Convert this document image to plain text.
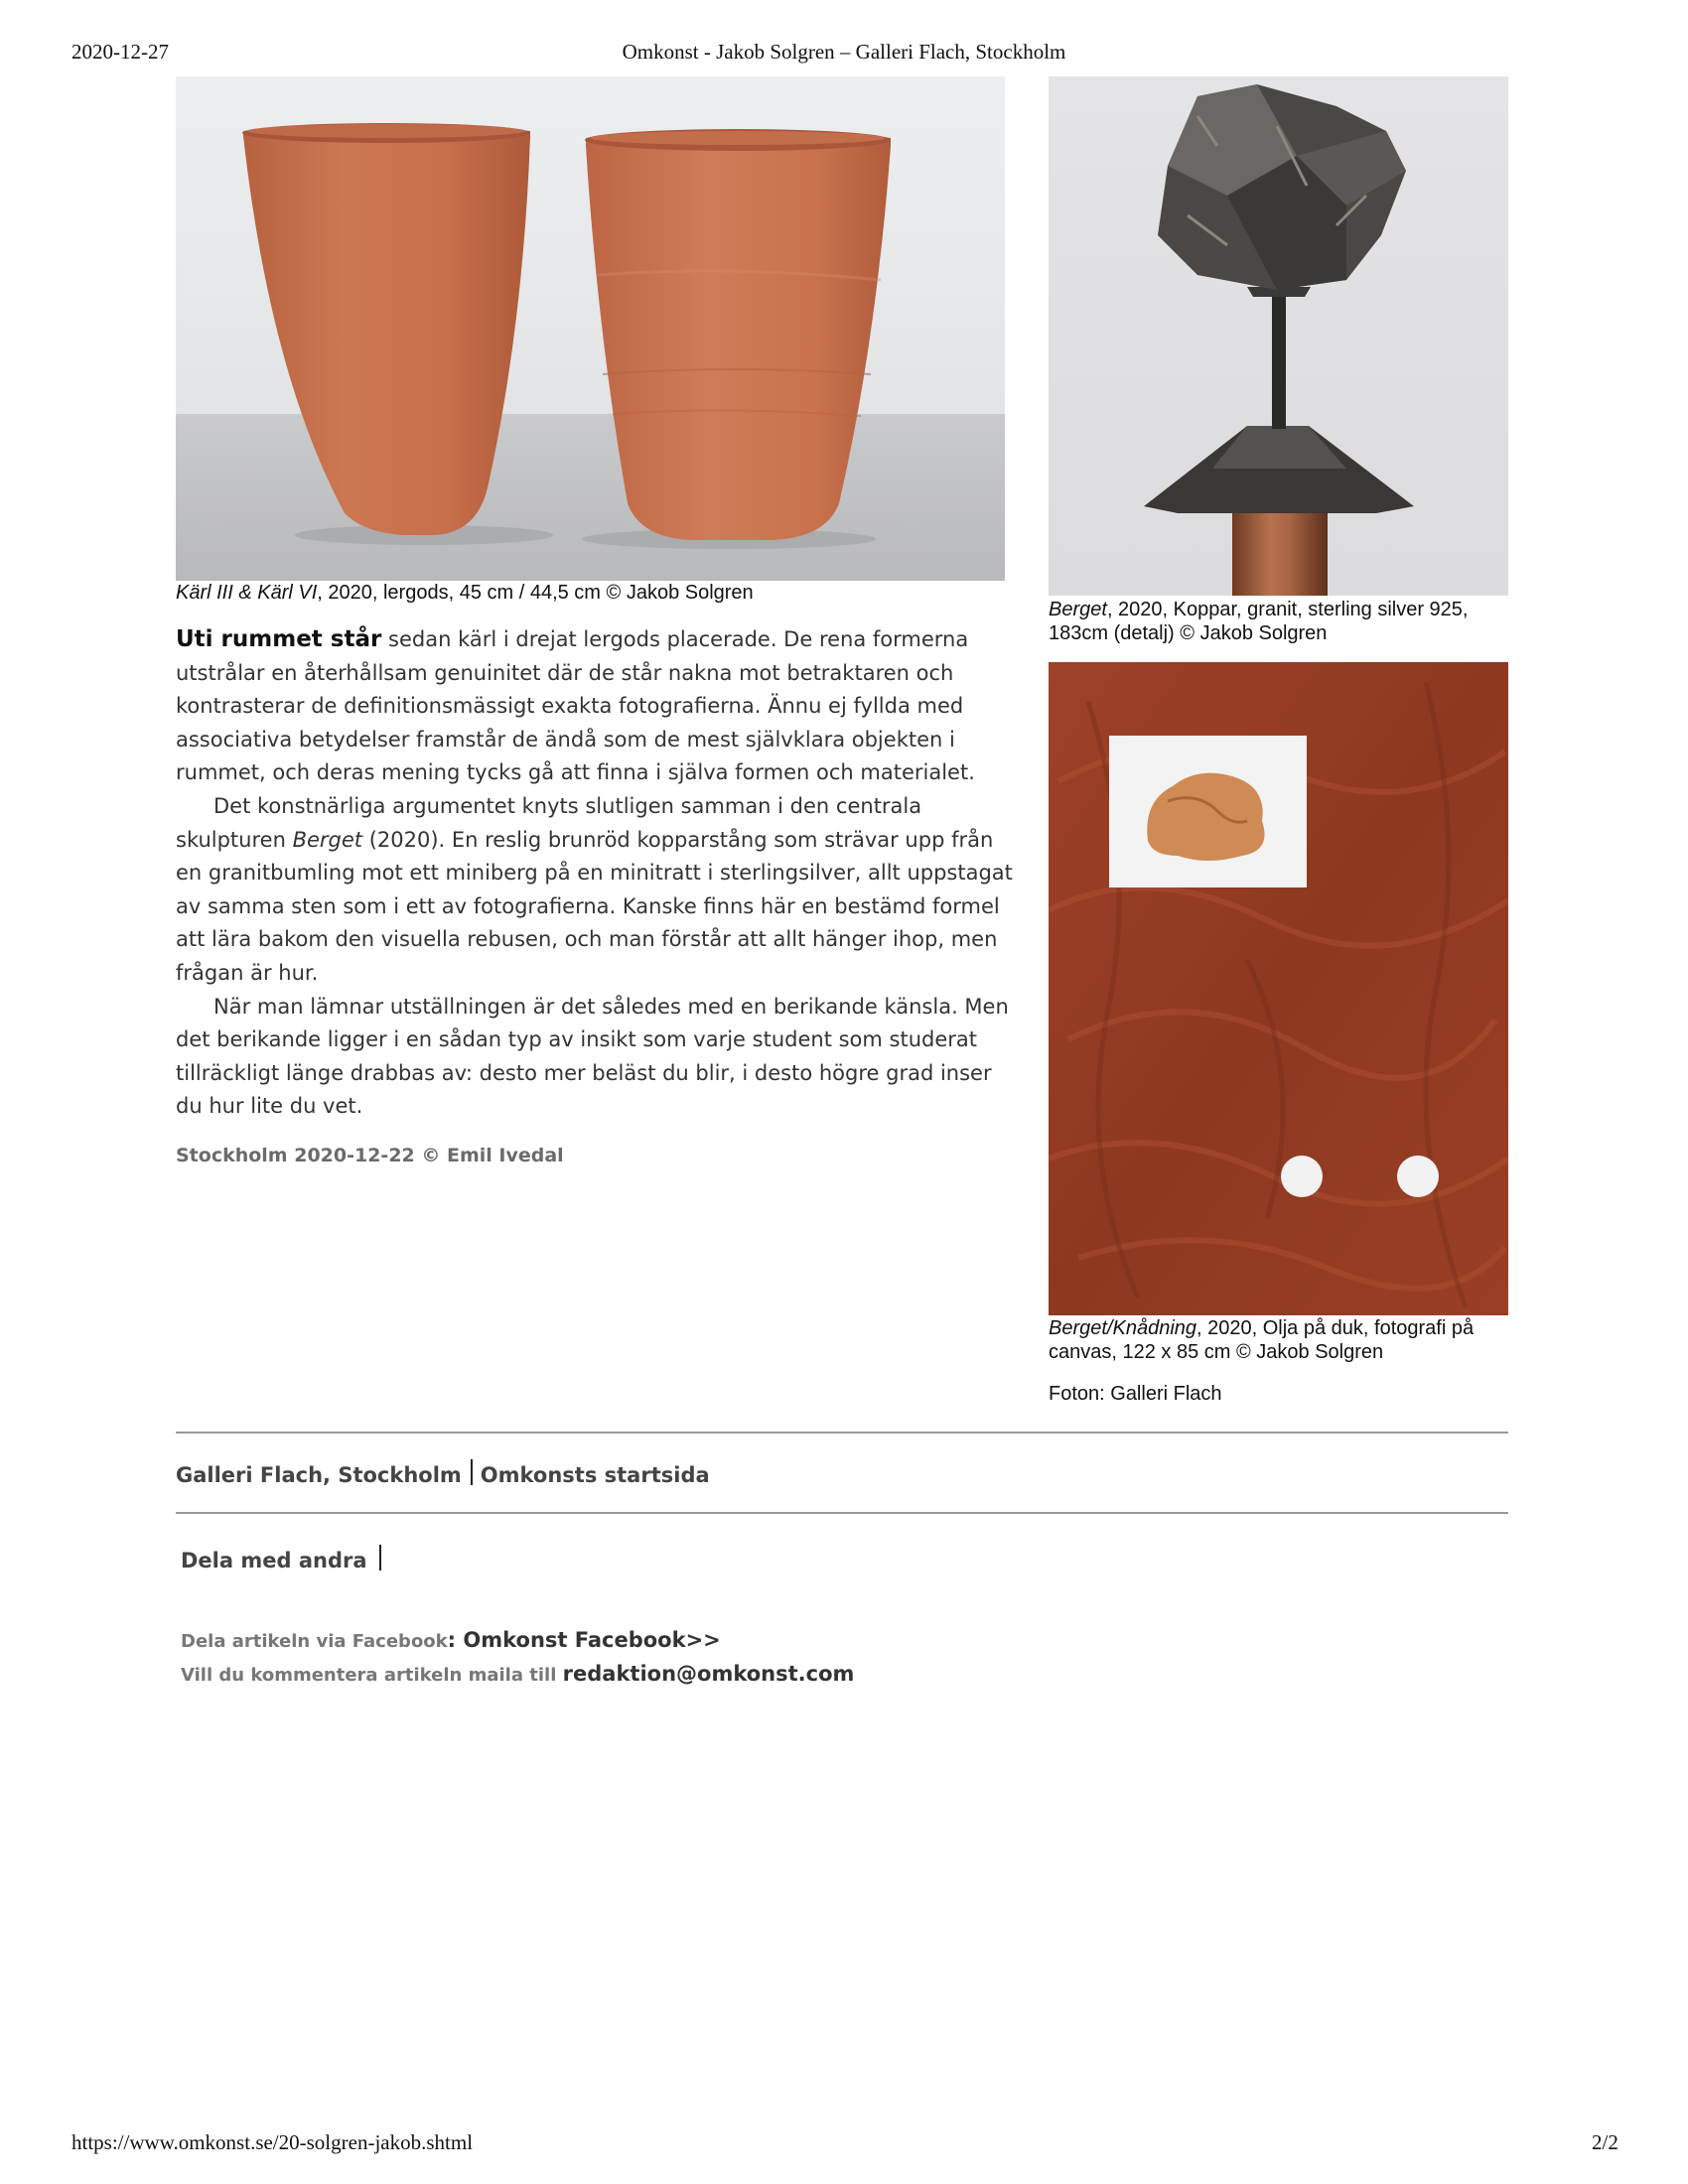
2020-12-27	Omkonst - Jakob Solgren – Galleri Flach, Stockholm
Kärl III & Kärl VI, 2020, lergods, 45 cm / 44,5 cm © Jakob Solgren
Berget, 2020, Koppar, granit, sterling silver 925, 183cm (detalj) © Jakob Solgren
Berget/Knådning, 2020, Olja på duk, fotografi på canvas, 122 x 85 cm © Jakob Solgren
Foton: Galleri Flach

Uti rummet står sedan kärl i drejat lergods placerade. De rena formerna utstrålar en återhållsam genuinitet där de står nakna mot betraktaren och kontrasterar de definitionsmässigt exakta fotografierna. Ännu ej fyllda med associativa betydelser framstår de ändå som de mest självklara objekten i rummet, och deras mening tycks gå att finna i själva formen och materialet.

Det konstnärliga argumentet knyts slutligen samman i den centrala skulpturen Berget (2020). En reslig brunröd kopparstång som strävar upp från en granitbumling mot ett miniberg på en minitratt i sterlingsilver, allt uppstagat av samma sten som i ett av fotografierna. Kanske finns här en bestämd formel att lära bakom den visuella rebusen, och man förstår att allt hänger ihop, men frågan är hur.

När man lämnar utställningen är det således med en berikande känsla. Men det berikande ligger i en sådan typ av insikt som varje student som studerat tillräckligt länge drabbas av: desto mer beläst du blir, i desto högre grad inser du hur lite du vet.

Stockholm 2020-12-22 © Emil Ivedal
Galleri Flach, Stockholm Omkonsts startsida
Dela med andra
Dela artikeln via Facebook: Omkonst Facebook>>
Vill du kommentera artikeln maila till redaktion@omkonst.com
https://www.omkonst.se/20-solgren-jakob.shtml	2/2
